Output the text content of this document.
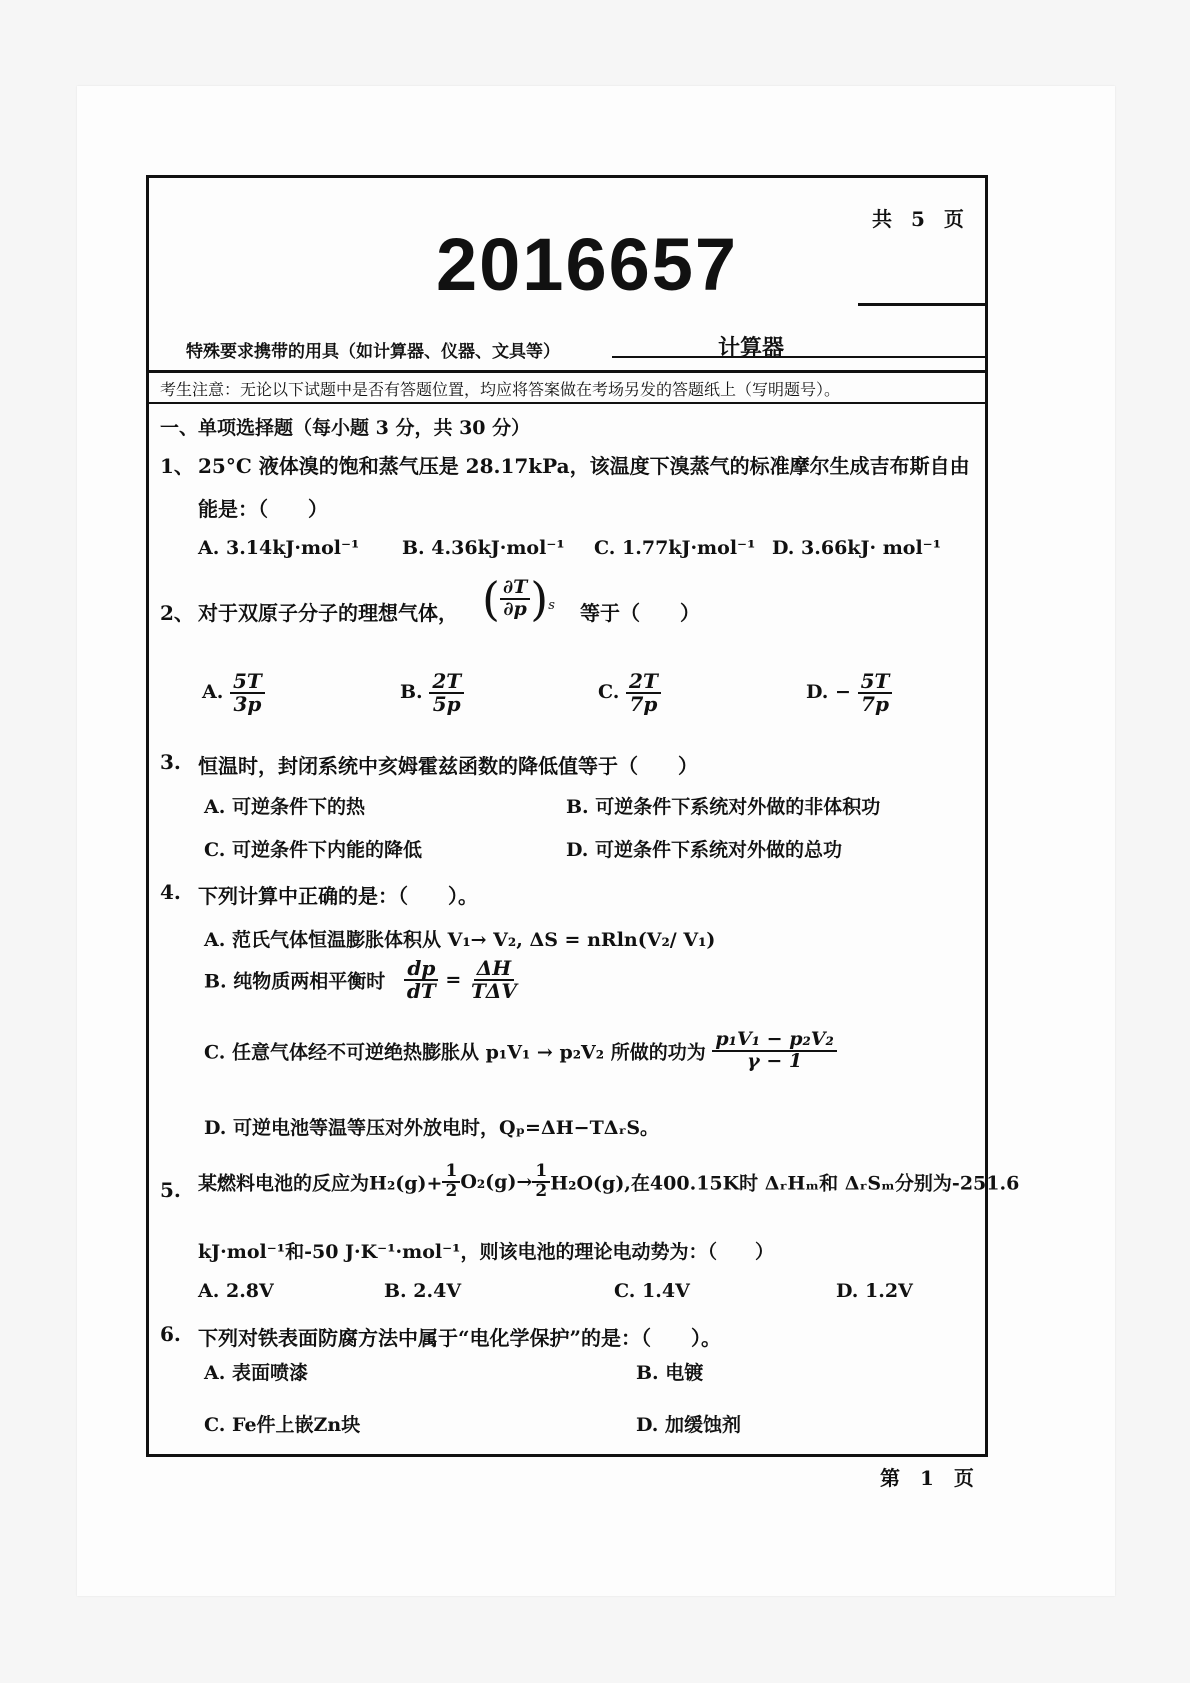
共 5 页
2016657
特殊要求携带的用具（如计算器、仪器、文具等）	计算器
考生注意：无论以下试题中是否有答题位置，均应将答案做在考场另发的答题纸上（写明题号）。
一、单项选择题（每小题 3 分，共 30 分）
1、 25°C 液体溴的饱和蒸气压是 28.17kPa，该温度下溴蒸气的标准摩尔生成吉布斯自由
能是：（　　）
A. 3.14kJ·mol⁻¹ B. 4.36kJ·mol⁻¹ C. 1.77kJ·mol⁻¹ D. 3.66kJ· mol⁻¹
2、 对于双原子分子的理想气体， ( $\frac{\partial T}{\partial p} )_s$ 等于（　　）
A. $\frac{5T}{3p}$	B. $\frac{2T}{5p}$	C. $\frac{2T}{7p}$	D. − $\frac{5T}{7p}$
3. 恒温时，封闭系统中亥姆霍兹函数的降低值等于（　　）
A. 可逆条件下的热	B. 可逆条件下系统对外做的非体积功
C. 可逆条件下内能的降低	D. 可逆条件下系统对外做的总功
4. 下列计算中正确的是：（　　）。
A. 范氏气体恒温膨胀体积从 V₁→ V₂, ΔS = nRln(V₂/ V₁)
B. 纯物质两相平衡时 $\frac{dp}{dT} = \frac{\Delta H}{\text{TΔV}}$
C. 任意气体经不可逆绝热膨胀从 p₁V₁ → p₂V₂ 所做的功为 $\frac{\text{p₁V₁ − p₂V₂}}{\gamma - 1}$
D. 可逆电池等温等压对外放电时，Qₚ=ΔH−TΔᵣS。
5. 某燃料电池的反应为$H_2(g)+ \frac{1}{2} O_2(g)\to \frac{1}{2} H_2O(g)$,在400.15K时 ΔᵣHₘ和 ΔᵣSₘ分别为-251.6
kJ·mol⁻¹和-50 J·K⁻¹·mol⁻¹，则该电池的理论电动势为：（　　）
A. 2.8V	B. 2.4V	C. 1.4V	D. 1.2V
6. 下列对铁表面防腐方法中属于“电化学保护”的是：（　　）。
A. 表面喷漆	B. 电镀
C. Fe件上嵌Zn块	D. 加缓蚀剂
第　1　页
